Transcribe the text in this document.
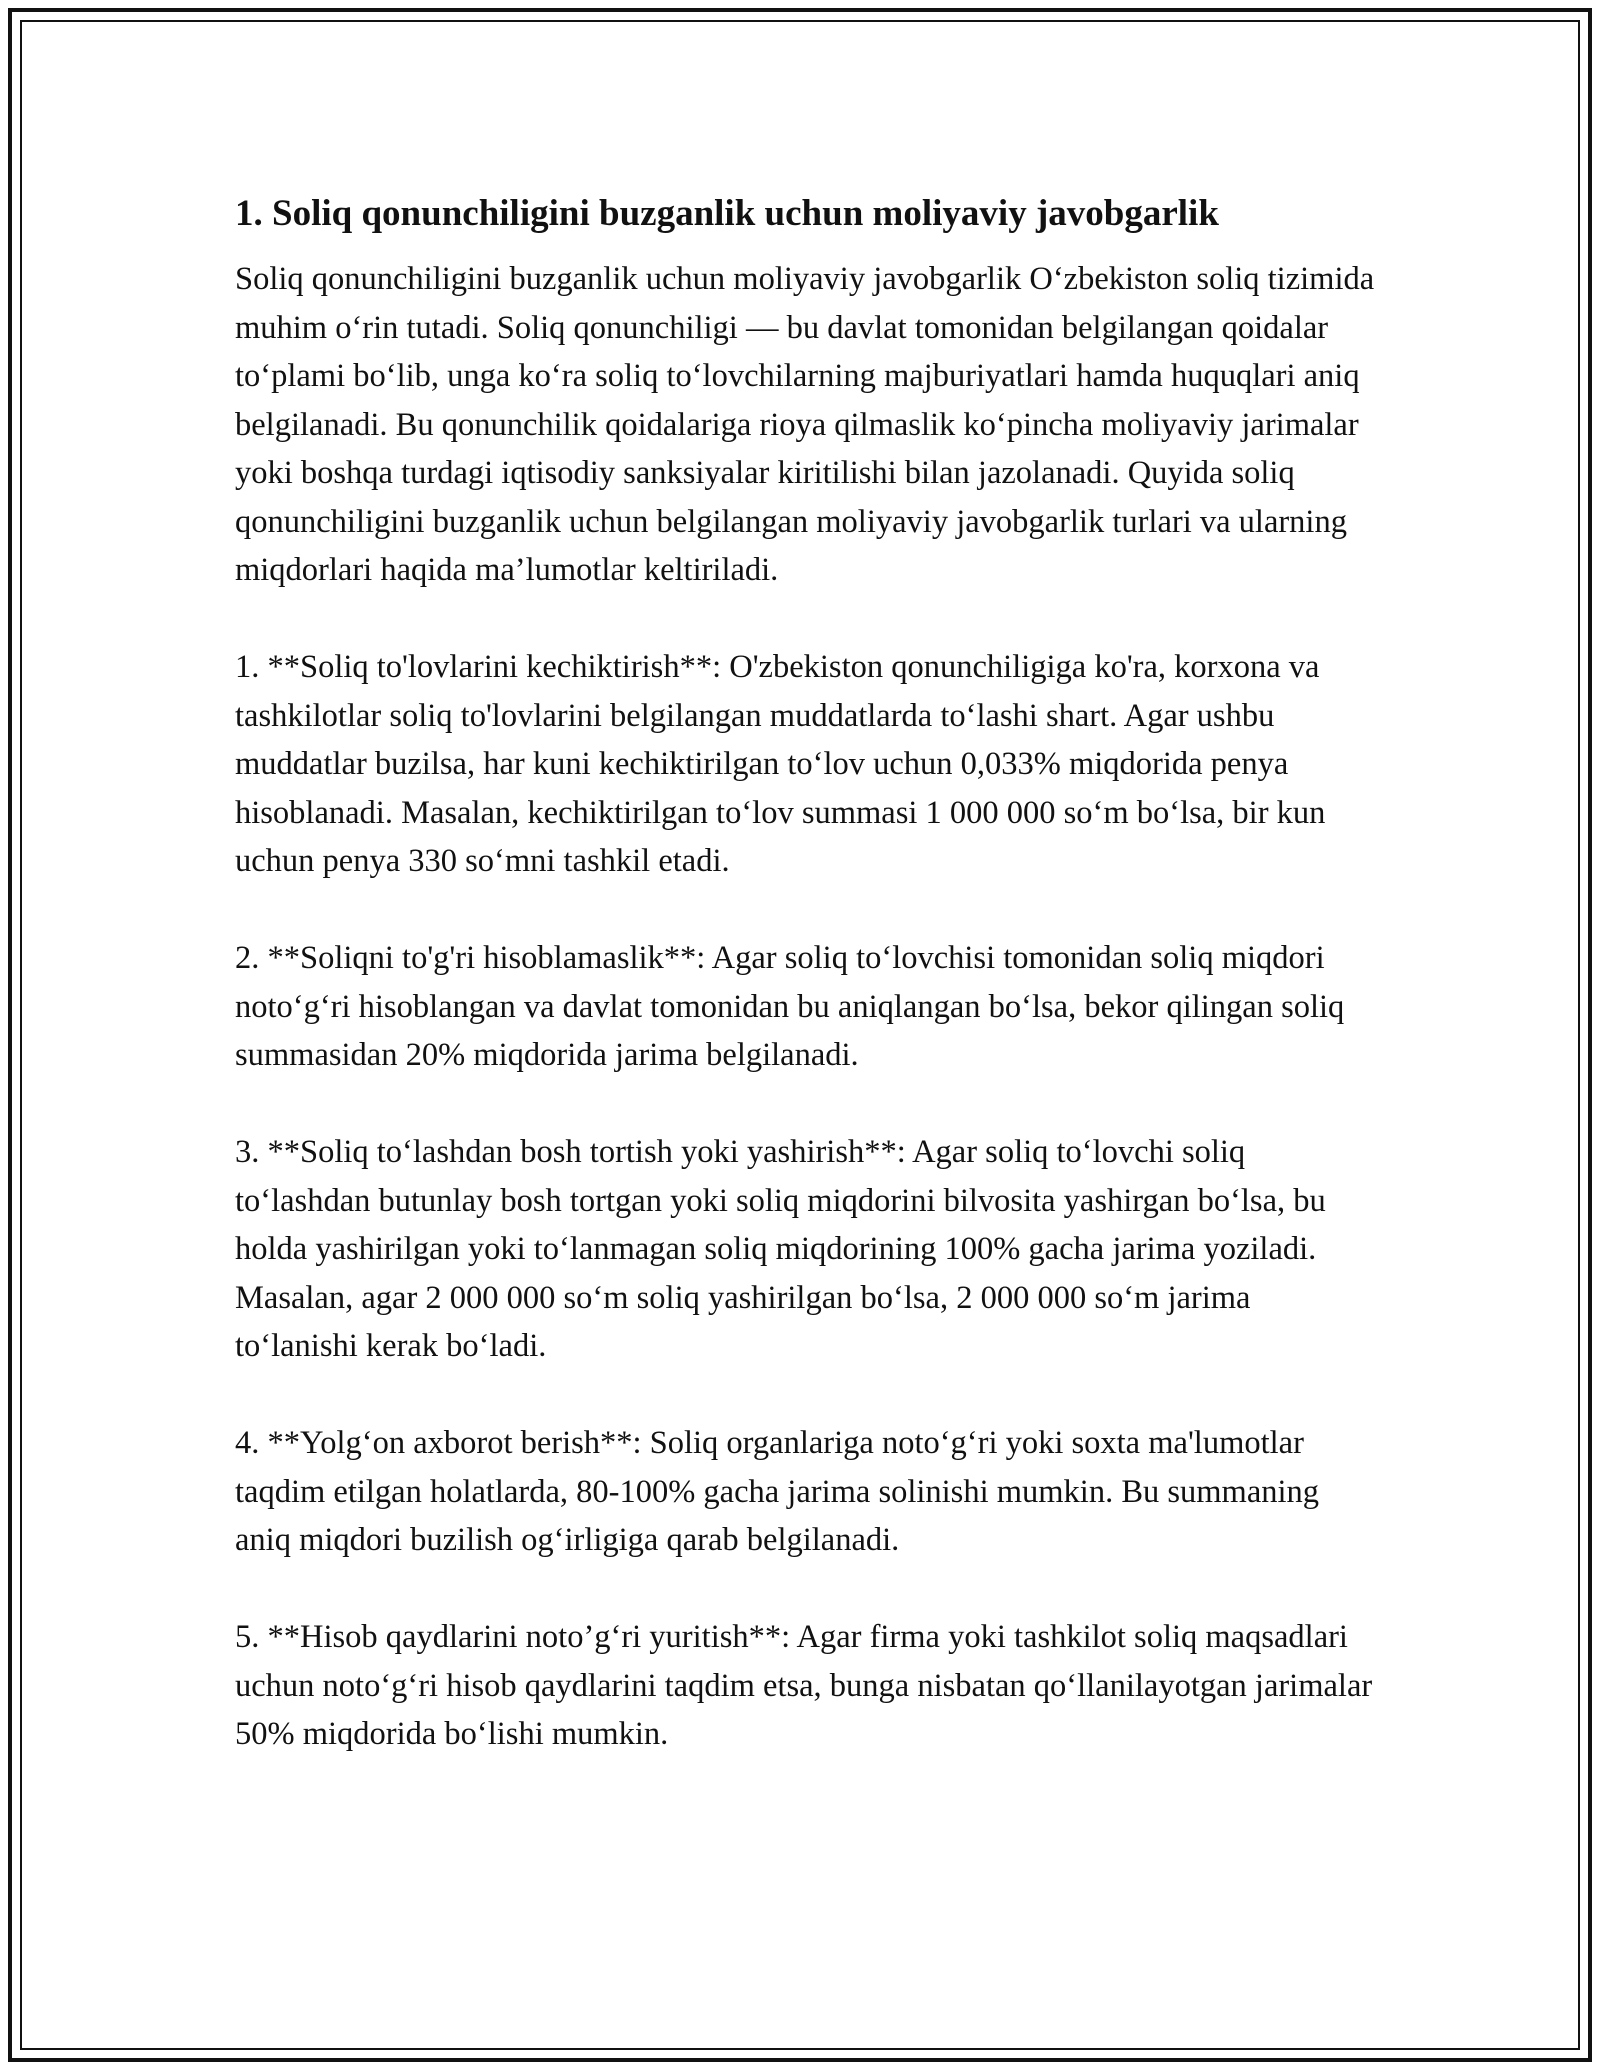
1. Soliq qonunchiligini buzganlik uchun moliyaviy javobgarlik

Soliq qonunchiligini buzganlik uchun moliyaviy javobgarlik O‘zbekiston soliq tizimida muhim o‘rin tutadi. Soliq qonunchiligi — bu davlat tomonidan belgilangan qoidalar to‘plami bo‘lib, unga ko‘ra soliq to‘lovchilarning majburiyatlari hamda huquqlari aniq belgilanadi. Bu qonunchilik qoidalariga rioya qilmaslik ko‘pincha moliyaviy jarimalar yoki boshqa turdagi iqtisodiy sanksiyalar kiritilishi bilan jazolanadi. Quyida soliq qonunchiligini buzganlik uchun belgilangan moliyaviy javobgarlik turlari va ularning miqdorlari haqida ma’lumotlar keltiriladi.

1. **Soliq to'lovlarini kechiktirish**: O'zbekiston qonunchiligiga ko'ra, korxona va tashkilotlar soliq to'lovlarini belgilangan muddatlarda to‘lashi shart. Agar ushbu muddatlar buzilsa, har kuni kechiktirilgan to‘lov uchun 0,033% miqdorida penya hisoblanadi. Masalan, kechiktirilgan to‘lov summasi 1 000 000 so‘m bo‘lsa, bir kun uchun penya 330 so‘mni tashkil etadi.

2. **Soliqni to'g'ri hisoblamaslik**: Agar soliq to‘lovchisi tomonidan soliq miqdori noto‘g‘ri hisoblangan va davlat tomonidan bu aniqlangan bo‘lsa, bekor qilingan soliq summasidan 20% miqdorida jarima belgilanadi.

3. **Soliq to‘lashdan bosh tortish yoki yashirish**: Agar soliq to‘lovchi soliq to‘lashdan butunlay bosh tortgan yoki soliq miqdorini bilvosita yashirgan bo‘lsa, bu holda yashirilgan yoki to‘lanmagan soliq miqdorining 100% gacha jarima yoziladi. Masalan, agar 2 000 000 so‘m soliq yashirilgan bo‘lsa, 2 000 000 so‘m jarima to‘lanishi kerak bo‘ladi.

4. **Yolg‘on axborot berish**: Soliq organlariga noto‘g‘ri yoki soxta ma'lumotlar taqdim etilgan holatlarda, 80-100% gacha jarima solinishi mumkin. Bu summaning aniq miqdori buzilish og‘irligiga qarab belgilanadi.

5. **Hisob qaydlarini noto’g‘ri yuritish**: Agar firma yoki tashkilot soliq maqsadlari uchun noto‘g‘ri hisob qaydlarini taqdim etsa, bunga nisbatan qo‘llanilayotgan jarimalar 50% miqdorida bo‘lishi mumkin.
